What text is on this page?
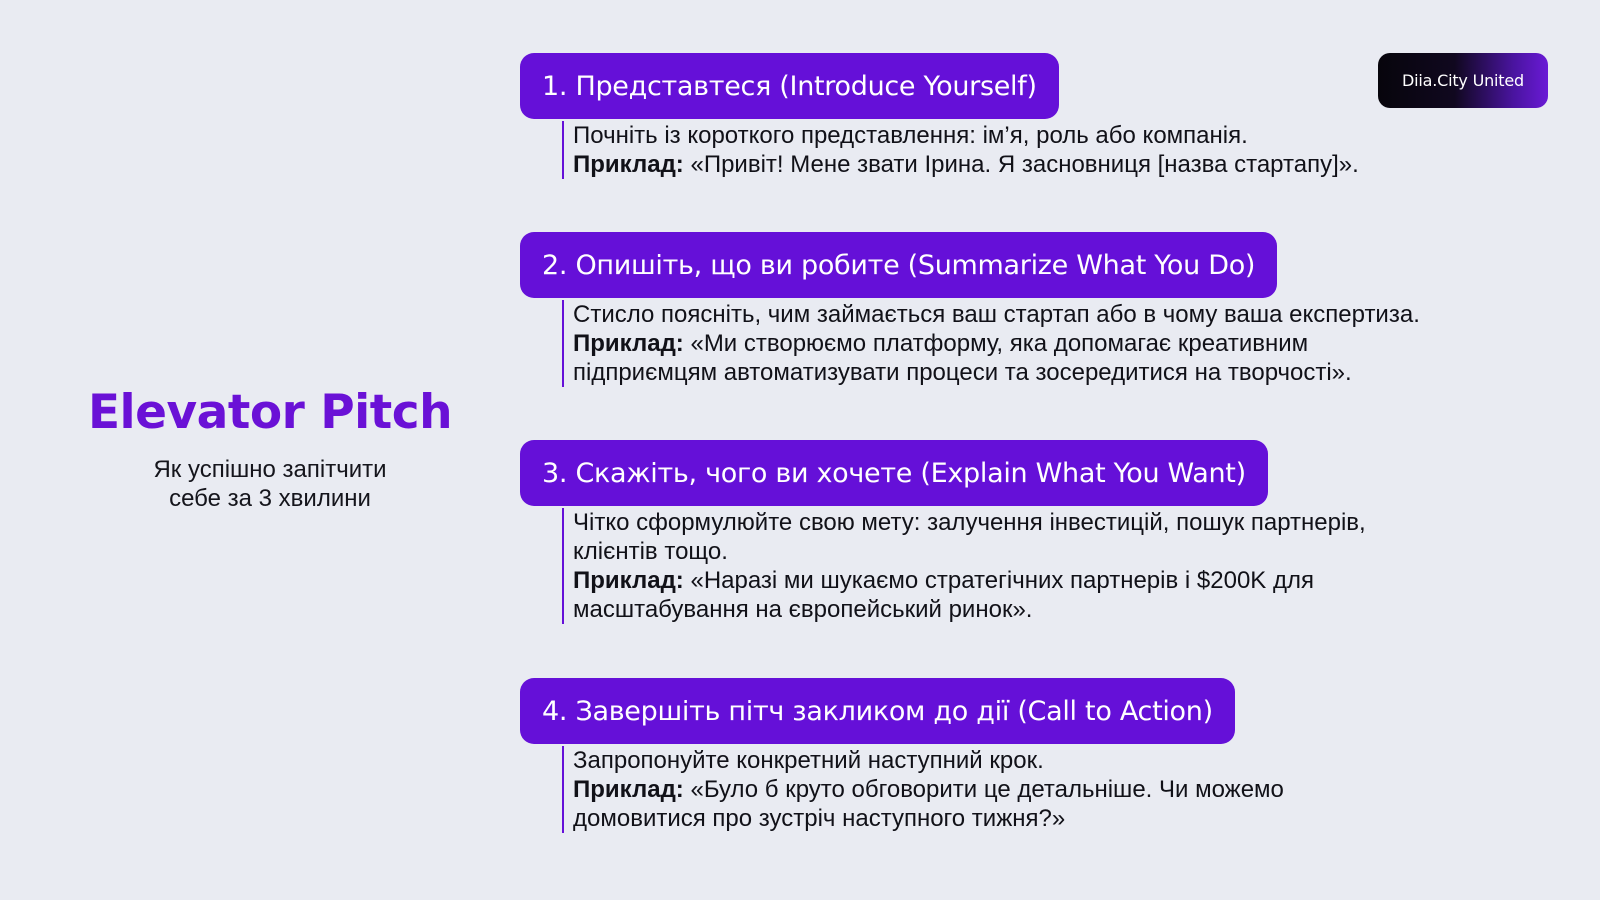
Elevator Pitch
Як успішно запітчити себе за 3 хвилини
Diia.City United
1. Представтеся (Introduce Yourself)

Почніть із короткого представлення: ім’я, роль або компанія.

Приклад: «Привіт! Мене звати Ірина. Я засновниця [назва стартапу]».

2. Опишіть, що ви робите (Summarize What You Do)

Стисло поясніть, чим займається ваш стартап або в чому ваша експертиза.

Приклад: «Ми створюємо платформу, яка допомагає креативним підприємцям автоматизувати процеси та зосередитися на творчості».

3. Скажіть, чого ви хочете (Explain What You Want)

Чітко сформулюйте свою мету: залучення інвестицій, пошук партнерів, клієнтів тощо.

Приклад: «Наразі ми шукаємо стратегічних партнерів і $200K для масштабування на європейський ринок».

4. Завершіть пітч закликом до дії (Call to Action)

Запропонуйте конкретний наступний крок.

Приклад: «Було б круто обговорити це детальніше. Чи можемо домовитися про зустріч наступного тижня?»
